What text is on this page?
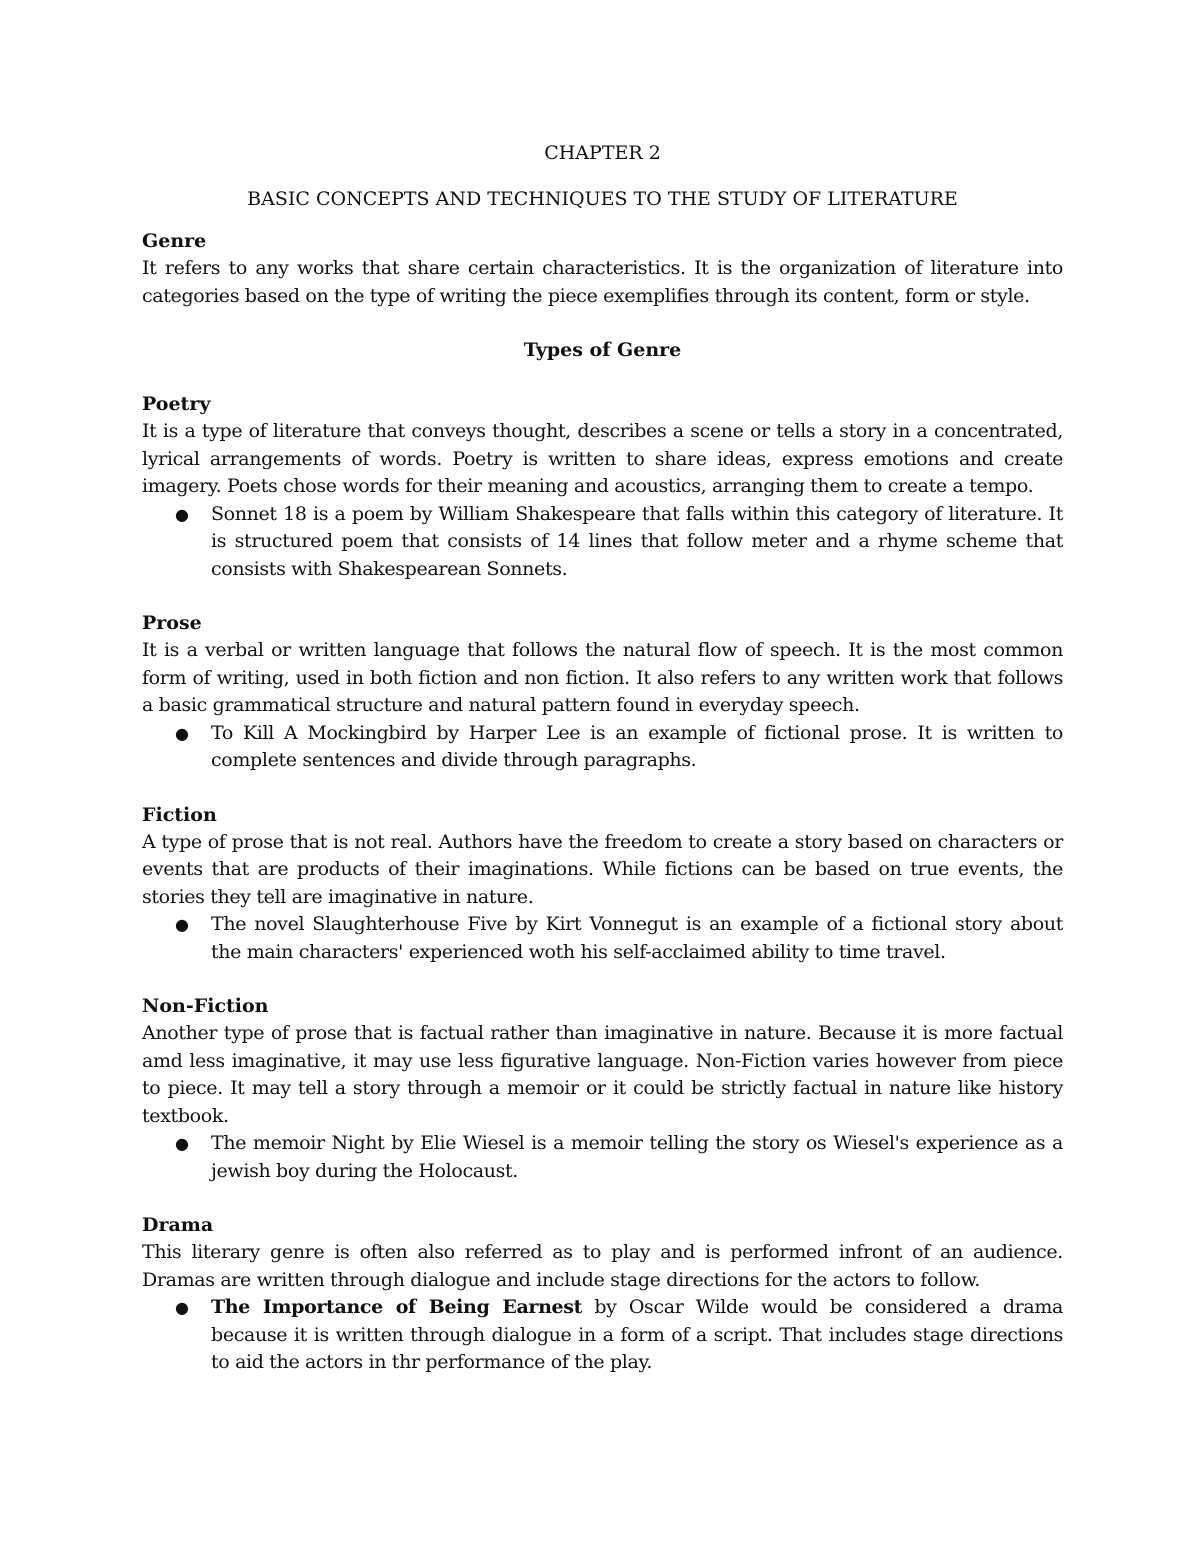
CHAPTER 2
BASIC CONCEPTS AND TECHNIQUES TO THE STUDY OF LITERATURE
Genre

It refers to any works that share certain characteristics. It is the organization of literature into categories based on the type of writing the piece exemplifies through its content, form or style.

Types of Genre
Poetry

It is a type of literature that conveys thought, describes a scene or tells a story in a concentrated, lyrical arrangements of words. Poetry is written to share ideas, express emotions and create imagery. Poets chose words for their meaning and acoustics, arranging them to create a tempo.

● Sonnet 18 is a poem by William Shakespeare that falls within this category of literature. It is structured poem that consists of 14 lines that follow meter and a rhyme scheme that consists with Shakespearean Sonnets.
Prose

It is a verbal or written language that follows the natural flow of speech. It is the most common form of writing, used in both fiction and non fiction. It also refers to any written work that follows a basic grammatical structure and natural pattern found in everyday speech.

● To Kill A Mockingbird by Harper Lee is an example of fictional prose. It is written to complete sentences and divide through paragraphs.
Fiction

A type of prose that is not real. Authors have the freedom to create a story based on characters or events that are products of their imaginations. While fictions can be based on true events, the stories they tell are imaginative in nature.

● The novel Slaughterhouse Five by Kirt Vonnegut is an example of a fictional story about the main characters' experienced woth his self-acclaimed ability to time travel.
Non-Fiction

Another type of prose that is factual rather than imaginative in nature. Because it is more factual amd less imaginative, it may use less figurative language. Non-Fiction varies however from piece to piece. It may tell a story through a memoir or it could be strictly factual in nature like history textbook.

● The memoir Night by Elie Wiesel is a memoir telling the story os Wiesel's experience as a jewish boy during the Holocaust.
Drama

This literary genre is often also referred as to play and is performed infront of an audience. Dramas are written through dialogue and include stage directions for the actors to follow.

● The Importance of Being Earnest by Oscar Wilde would be considered a drama because it is written through dialogue in a form of a script. That includes stage directions to aid the actors in thr performance of the play.
